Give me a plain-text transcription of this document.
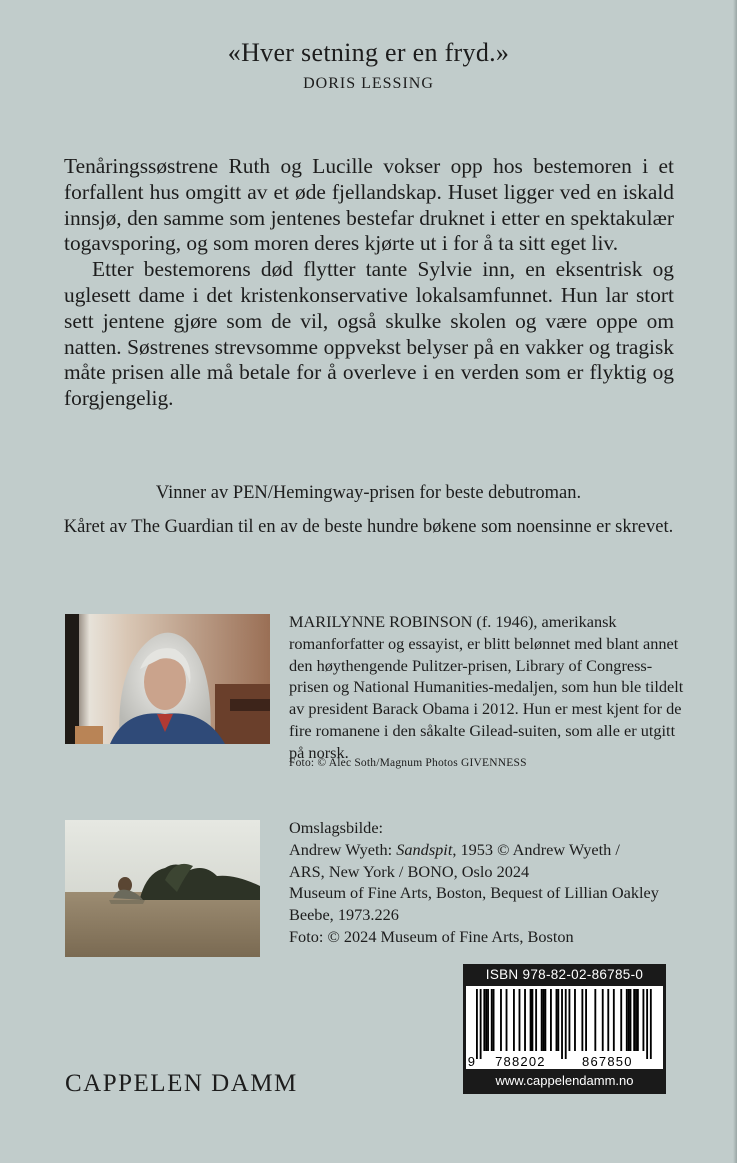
«Hver setning er en fryd.»
DORIS LESSING

Tenåringssøstrene Ruth og Lucille vokser opp hos bestemoren i et forfallent hus omgitt av et øde fjellandskap. Huset ligger ved en iskald innsjø, den samme som jentenes bestefar druknet i etter en spektakulær togavsporing, og som moren deres kjørte ut i for å ta sitt eget liv.

Etter bestemorens død flytter tante Sylvie inn, en eksentrisk og uglesett dame i det kristenkonservative lokalsamfunnet. Hun lar stort sett jentene gjøre som de vil, også skulke skolen og være oppe om natten. Søstrenes strevsomme oppvekst belyser på en vakker og tragisk måte prisen alle må betale for å overleve i en verden som er flyktig og forgjengelig.

Vinner av PEN/Hemingway-prisen for beste debutroman.
Kåret av The Guardian til en av de beste hundre bøkene som noensinne er skrevet.

MARILYNNE ROBINSON (f. 1946), amerikansk romanforfatter og essayist, er blitt belønnet med blant annet den høythengende Pulitzer-prisen, Library of Congress-prisen og National Humanities-medaljen, som hun ble tildelt av president Barack Obama i 2012. Hun er mest kjent for de fire romanene i den såkalte Gilead-suiten, som alle er utgitt på norsk.

Foto: © Alec Soth/Magnum Photos GIVENNESS
Omslagsbilde:
Andrew Wyeth: Sandspit, 1953 © Andrew Wyeth /
ARS, New York / BONO, Oslo 2024
Museum of Fine Arts, Boston, Bequest of Lillian Oakley
Beebe, 1973.226
Foto: © 2024 Museum of Fine Arts, Boston
ISBN 978-82-02-86785-0
9 788202	867850
www.cappelendamm.no
CAPPELEN DAMM
